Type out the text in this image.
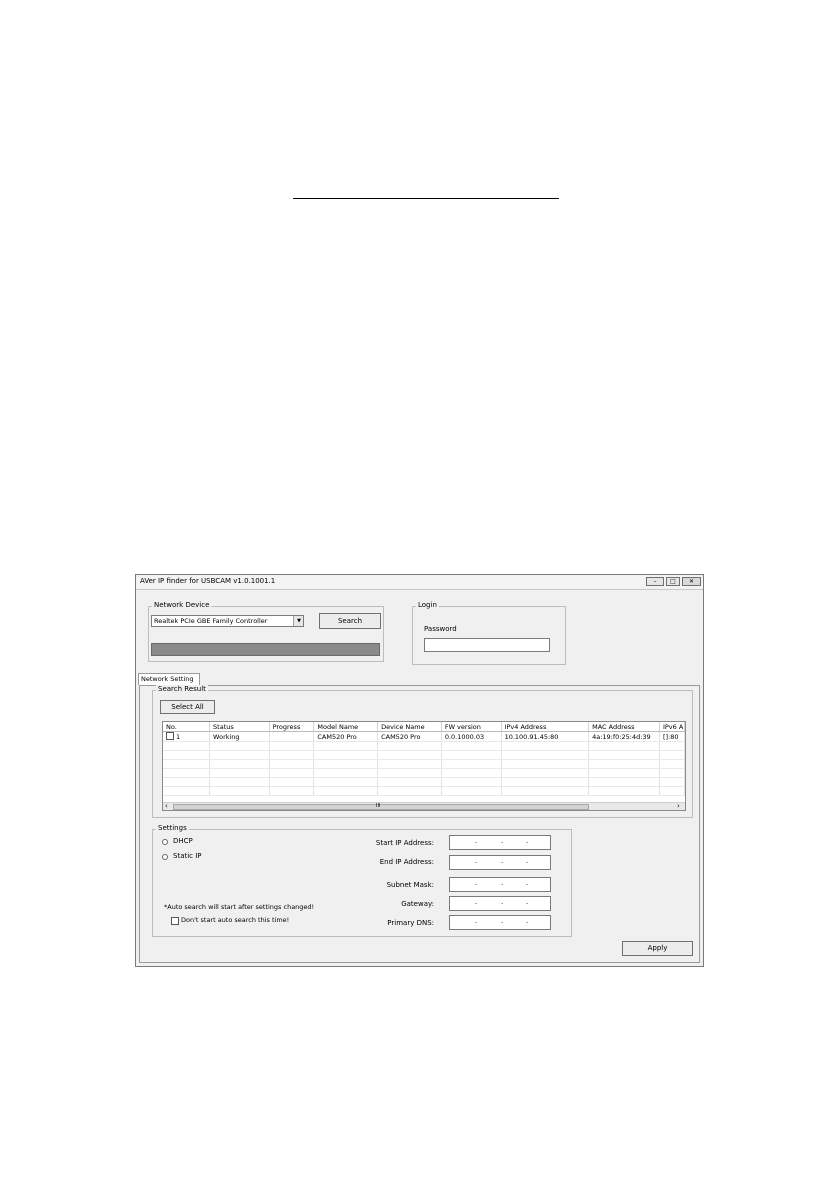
AVer IP finder for USBCAM v1.0.1001.1	–	□	✕
Network Device
Realtek PCIe GBE Family Controller	▼	Search
Login
Password
Network Setting
Search Result
Select All
No.	Status	Progress	Model Name	Device Name	FW version	IPv4 Address	MAC Address	IPv6 A
1	Working		CAM520 Pro	CAM520 Pro	0.0.1000.03	10.100.91.45:80	4a:19:f0:25:4d:39	[]:80

‹	III	›
Settings
DHCP
Static IP
*Auto search will start after settings changed!
Don't start auto search this time!
Start IP Address:	.	.	.
End IP Address:	.	.	.
Subnet Mask:	.	.	.
Gateway:	.	.	.
Primary DNS:	.	.	.
Apply
